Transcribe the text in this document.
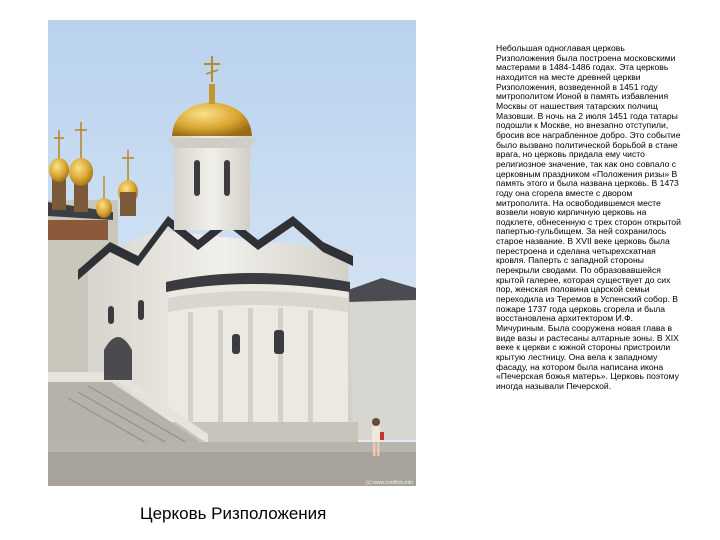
(c) www.nordfoto.info
Церковь Ризположения
Небольшая одноглавая церковь Ризположения была построена московскими мастерами в 1484-1486 годах. Эта церковь находится на месте древней церкви Ризположения, возведенной в 1451 году митрополитом Ионой в память избавления Москвы от нашествия татарских полчищ Мазовши. В ночь на 2 июля 1451 года татары подошли к Москве, но внезапно отступили, бросив все награбленное добро. Это событие было вызвано политической борьбой в стане врага, но церковь придала ему чисто религиозное значение, так как оно совпало с церковным праздником «Положения ризы» В память этого и была названа церковь. В 1473 году она сгорела вместе с двором митрополита. На освободившемся месте возвели новую кирпичную церковь на подклете, обнесенную с трех сторон открытой папертью-гульбищем. За ней сохранилось старое название. В XVII веке церковь была перестроена и сделана четырехскатная кровля. Паперть с западной стороны перекрыли сводами. По образовавшейся крытой галерее, которая существует до сих пор, женская половина царской семьи переходила из Теремов в Успенский собор. В пожаре 1737 года церковь сгорела и была восстановлена архитектором И.Ф. Мичуриным. Была сооружена новая глава в виде вазы и растесаны алтарные зоны. В XIX веке к церкви с южной стороны пристроили крытую лестницу. Она вела к западному фасаду, на котором была написана икона «Печерская божья матерь». Церковь поэтому иногда называли Печерской.
